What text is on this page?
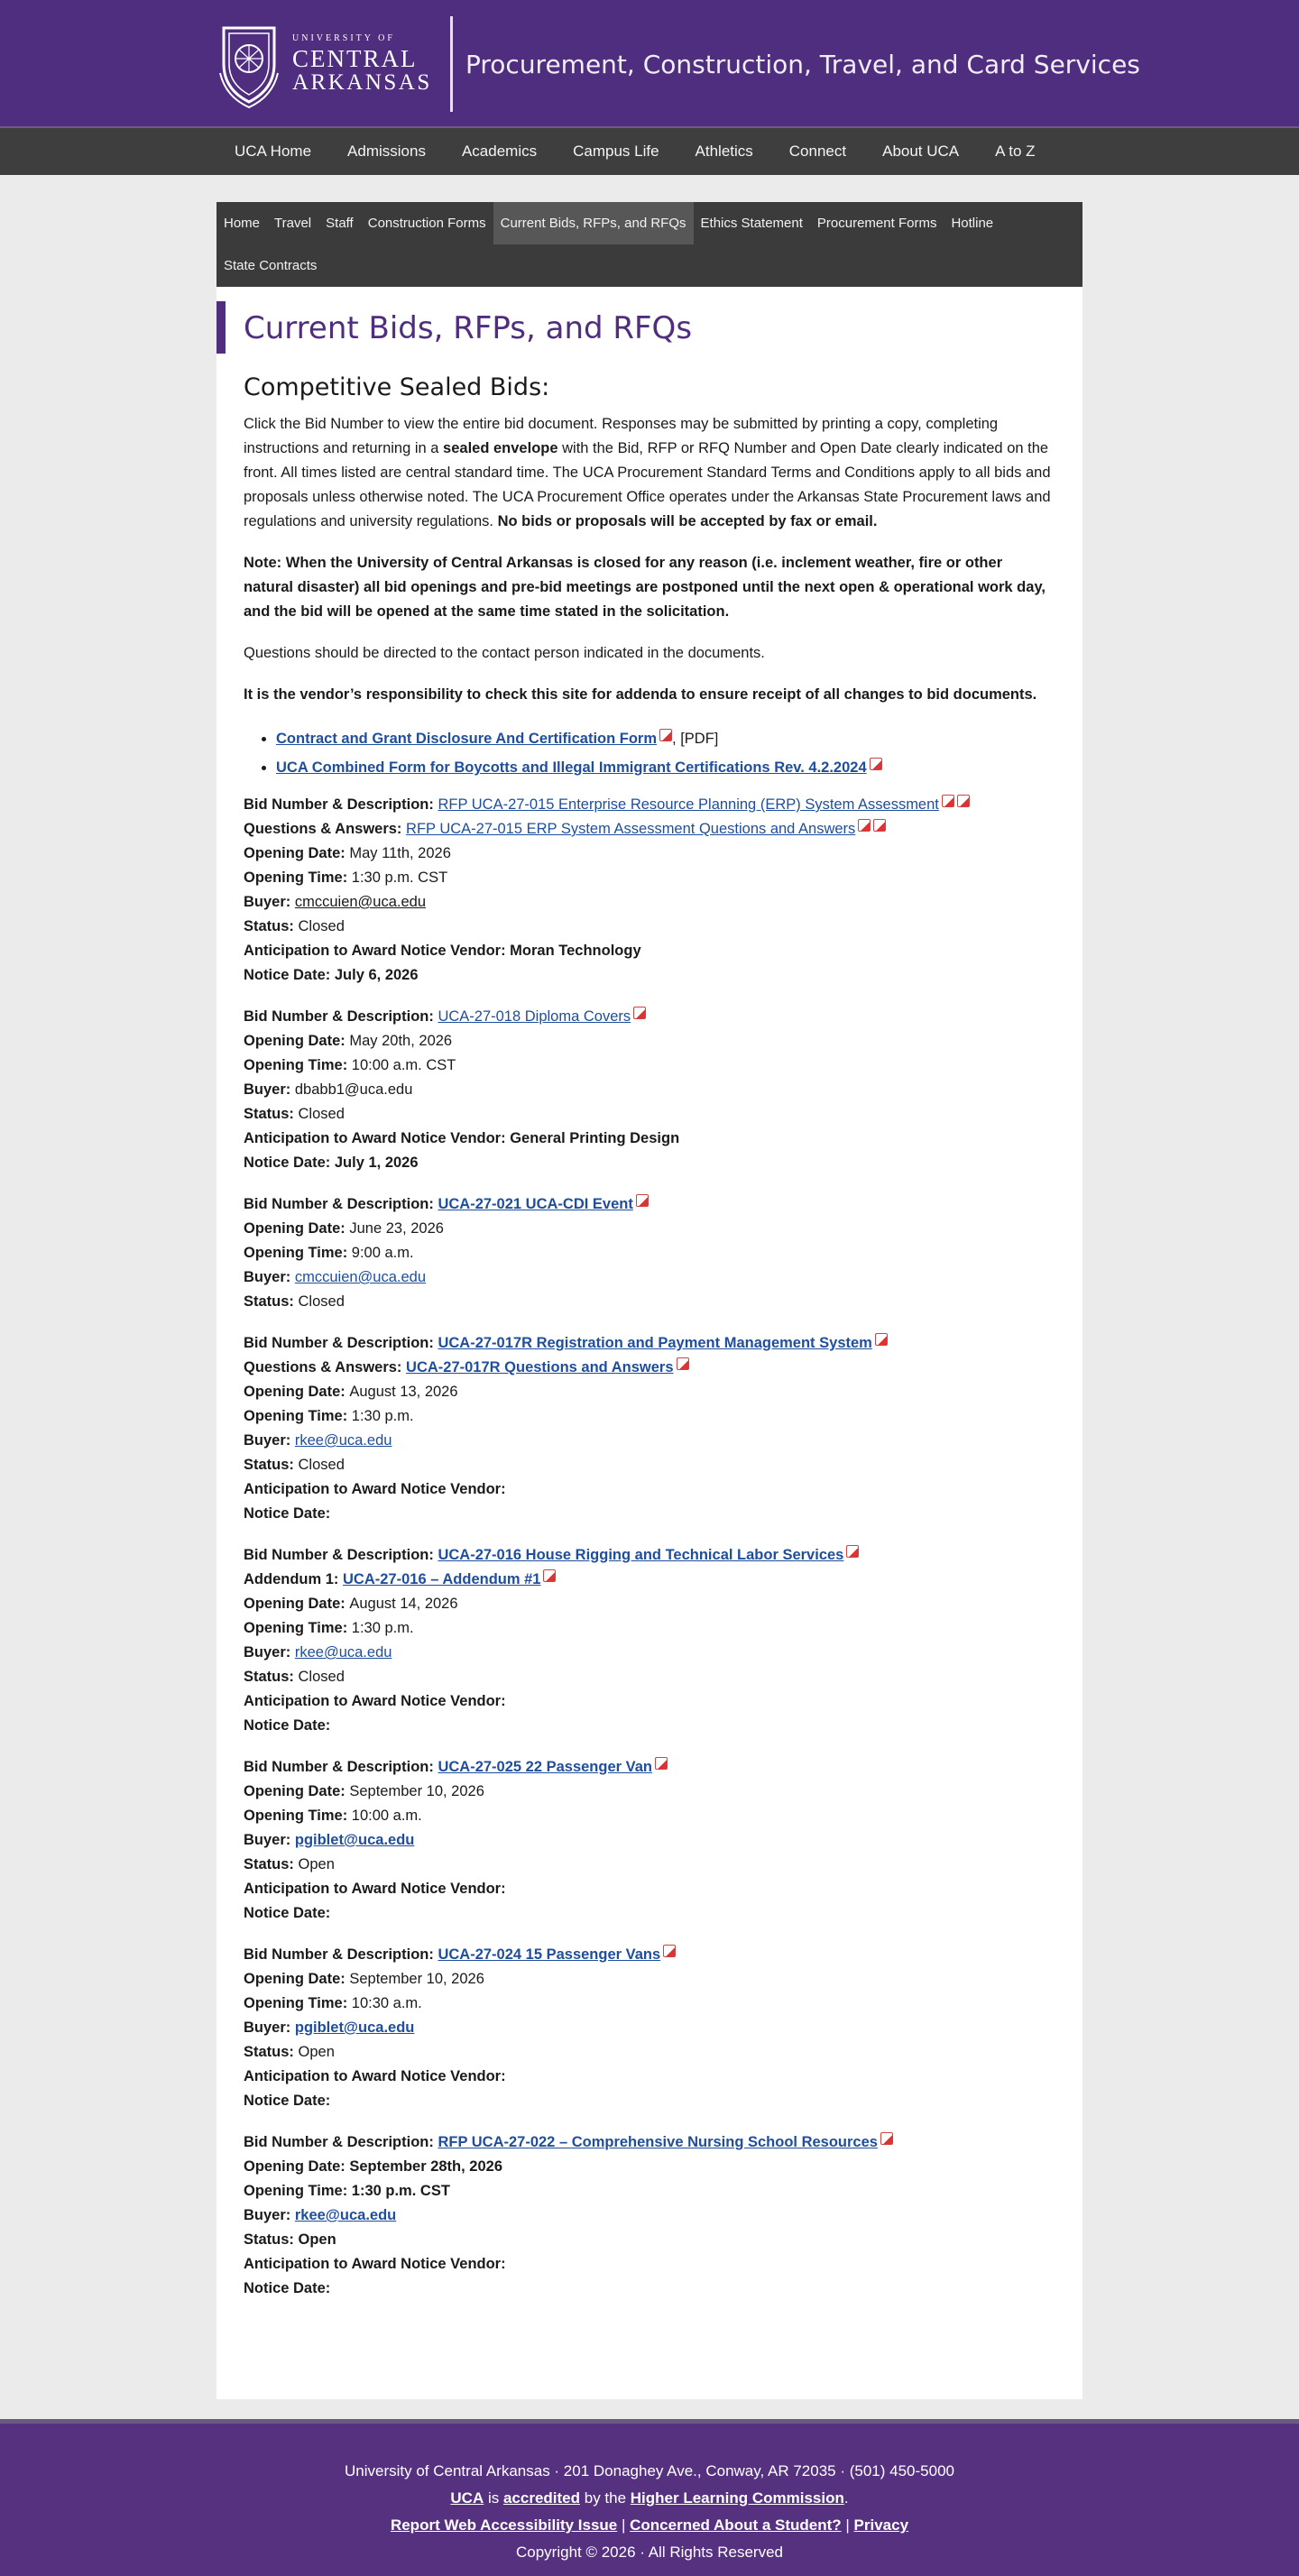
UNIVERSITY OF
CENTRAL
ARKANSAS
Procurement, Construction, Travel, and Card Services
UCA Home	Admissions	Academics	Campus Life	Athletics	Connect	About UCA	A to Z
Home	Travel	Staff	Construction Forms	Current Bids, RFPs, and RFQs	Ethics Statement	Procurement Forms	Hotline
State Contracts
Current Bids, RFPs, and RFQs
Competitive Sealed Bids:

Click the Bid Number to view the entire bid document. Responses may be submitted by printing a copy, completing instructions and returning in a sealed envelope with the Bid, RFP or RFQ Number and Open Date clearly indicated on the front. All times listed are central standard time. The UCA Procurement Standard Terms and Conditions apply to all bids and proposals unless otherwise noted. The UCA Procurement Office operates under the Arkansas State Procurement laws and regulations and university regulations. No bids or proposals will be accepted by fax or email.

Note: When the University of Central Arkansas is closed for any reason (i.e. inclement weather, fire or other natural disaster) all bid openings and pre-bid meetings are postponed until the next open & operational work day, and the bid will be opened at the same time stated in the solicitation.

Questions should be directed to the contact person indicated in the documents.

It is the vendor’s responsibility to check this site for addenda to ensure receipt of all changes to bid documents.

• Contract and Grant Disclosure And Certification Form , [PDF]
• UCA Combined Form for Boycotts and Illegal Immigrant Certifications Rev. 4.2.2024
Bid Number & Description: RFP UCA-27-015 Enterprise Resource Planning (ERP) System Assessment
Questions & Answers: RFP UCA-27-015 ERP System Assessment Questions and Answers
Opening Date: May 11th, 2026
Opening Time: 1:30 p.m. CST
Buyer: cmccuien@uca.edu
Status: Closed
Anticipation to Award Notice Vendor: Moran Technology
Notice Date: July 6, 2026
Bid Number & Description: UCA-27-018 Diploma Covers
Opening Date: May 20th, 2026
Opening Time: 10:00 a.m. CST
Buyer: dbabb1@uca.edu
Status: Closed
Anticipation to Award Notice Vendor: General Printing Design
Notice Date: July 1, 2026
Bid Number & Description: UCA-27-021 UCA-CDI Event
Opening Date: June 23, 2026
Opening Time: 9:00 a.m.
Buyer: cmccuien@uca.edu
Status: Closed
Bid Number & Description: UCA-27-017R Registration and Payment Management System
Questions & Answers: UCA-27-017R Questions and Answers
Opening Date: August 13, 2026
Opening Time: 1:30 p.m.
Buyer: rkee@uca.edu
Status: Closed
Anticipation to Award Notice Vendor:
Notice Date:
Bid Number & Description: UCA-27-016 House Rigging and Technical Labor Services
Addendum 1: UCA-27-016 – Addendum #1
Opening Date: August 14, 2026
Opening Time: 1:30 p.m.
Buyer: rkee@uca.edu
Status: Closed
Anticipation to Award Notice Vendor:
Notice Date:
Bid Number & Description: UCA-27-025 22 Passenger Van
Opening Date: September 10, 2026
Opening Time: 10:00 a.m.
Buyer: pgiblet@uca.edu
Status: Open
Anticipation to Award Notice Vendor:
Notice Date:
Bid Number & Description: UCA-27-024 15 Passenger Vans
Opening Date: September 10, 2026
Opening Time: 10:30 a.m.
Buyer: pgiblet@uca.edu
Status: Open
Anticipation to Award Notice Vendor:
Notice Date:
Bid Number & Description: RFP UCA-27-022 – Comprehensive Nursing School Resources
Opening Date: September 28th, 2026
Opening Time: 1:30 p.m. CST
Buyer: rkee@uca.edu
Status: Open
Anticipation to Award Notice Vendor:
Notice Date:
University of Central Arkansas · 201 Donaghey Ave., Conway, AR 72035 · (501) 450-5000
UCA is accredited by the Higher Learning Commission.
Report Web Accessibility Issue | Concerned About a Student? | Privacy
Copyright © 2026 · All Rights Reserved
